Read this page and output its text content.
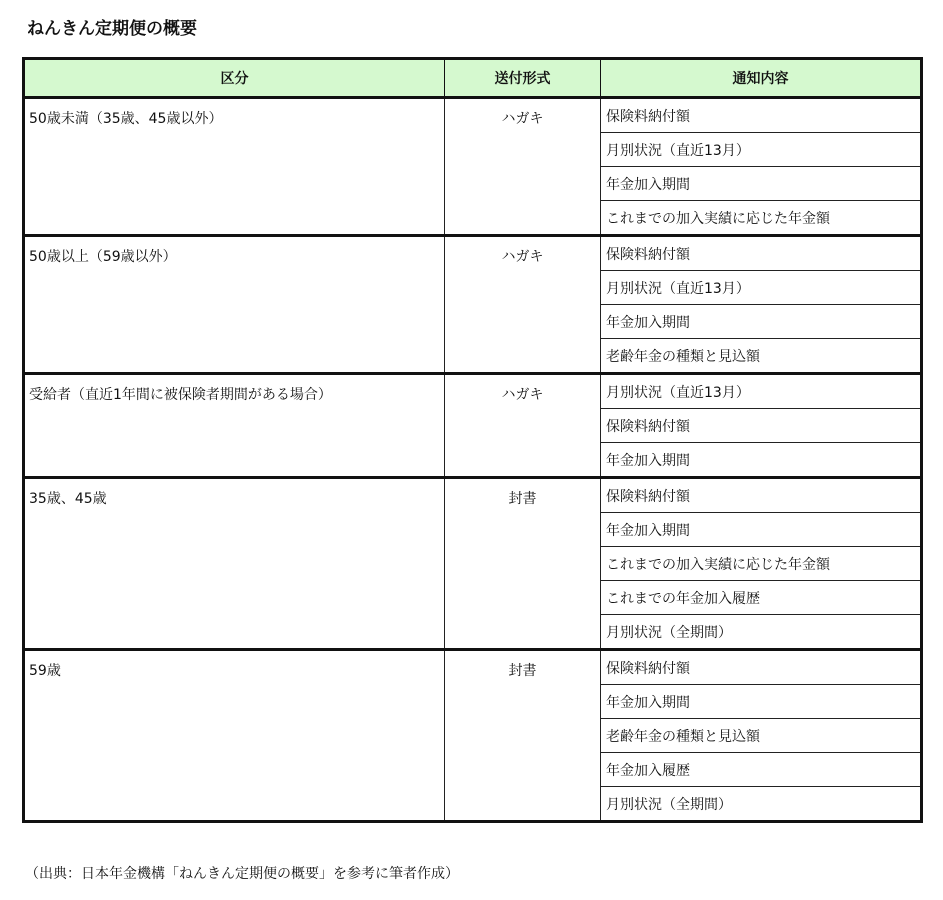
ねんきん定期便の概要
区分	送付形式	通知内容
50歳未満（35歳、45歳以外）	ハガキ	保険料納付額
		月別状況（直近13月）
		年金加入期間
		これまでの加入実績に応じた年金額
50歳以上（59歳以外）	ハガキ	保険料納付額
		月別状況（直近13月）
		年金加入期間
		老齢年金の種類と見込額
受給者（直近1年間に被保険者期間がある場合）	ハガキ	月別状況（直近13月）
		保険料納付額
		年金加入期間
35歳、45歳	封書	保険料納付額
		年金加入期間
		これまでの加入実績に応じた年金額
		これまでの年金加入履歴
		月別状況（全期間）
59歳	封書	保険料納付額
		年金加入期間
		老齢年金の種類と見込額
		年金加入履歴
		月別状況（全期間）
（出典：日本年金機構「ねんきん定期便の概要」を参考に筆者作成）
